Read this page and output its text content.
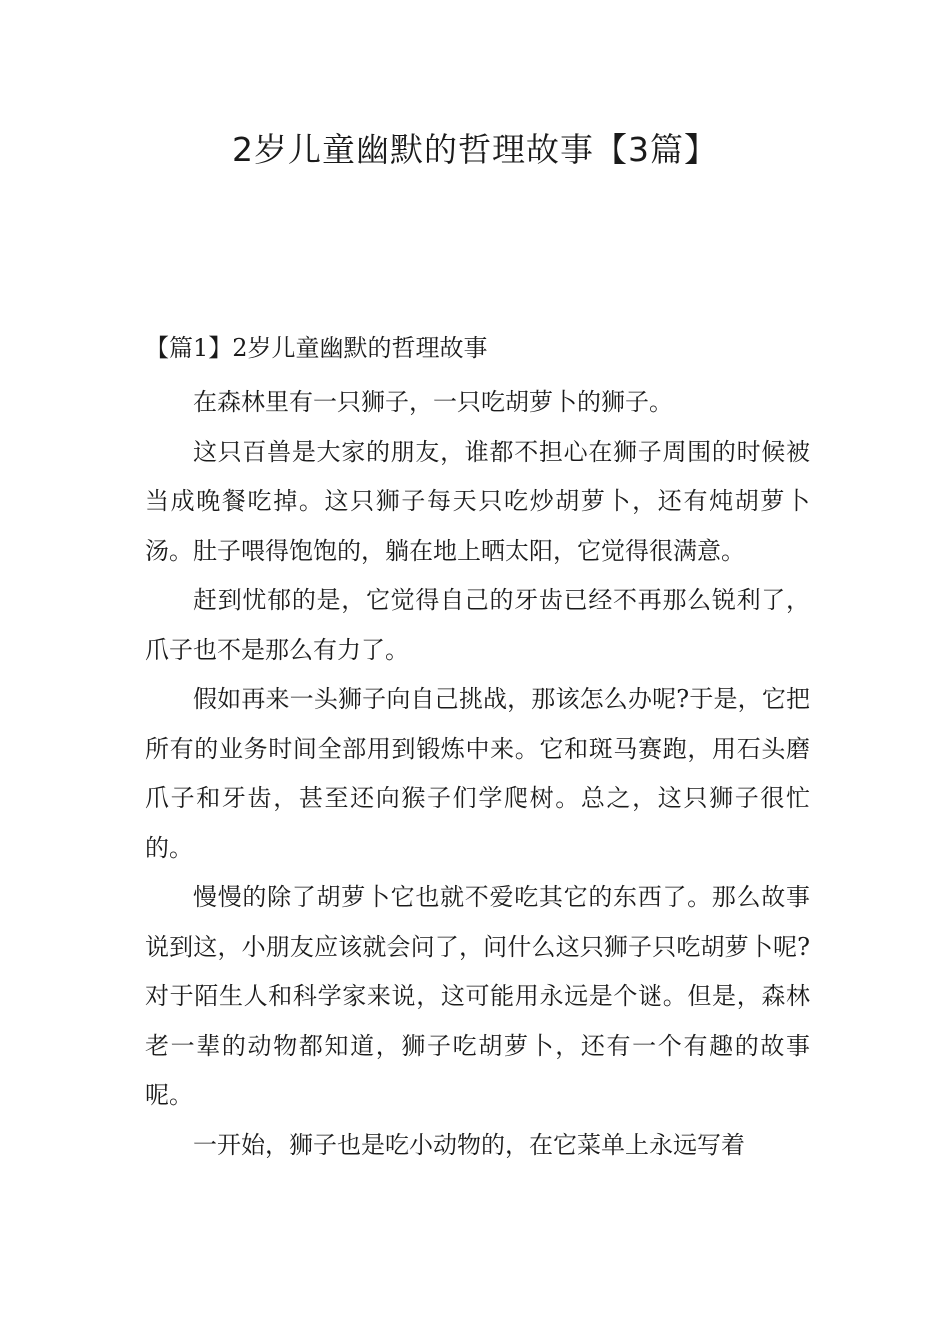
2岁儿童幽默的哲理故事【3篇】
【篇1】2岁儿童幽默的哲理故事

在森林里有一只狮子，一只吃胡萝卜的狮子。

这只百兽是大家的朋友，谁都不担心在狮子周围的时候被当成晚餐吃掉。这只狮子每天只吃炒胡萝卜，还有炖胡萝卜汤。肚子喂得饱饱的，躺在地上晒太阳，它觉得很满意。

赶到忧郁的是，它觉得自己的牙齿已经不再那么锐利了，爪子也不是那么有力了。

假如再来一头狮子向自己挑战，那该怎么办呢?于是，它把所有的业务时间全部用到锻炼中来。它和斑马赛跑，用石头磨爪子和牙齿，甚至还向猴子们学爬树。总之，这只狮子很忙的。

慢慢的除了胡萝卜它也就不爱吃其它的东西了。那么故事说到这，小朋友应该就会问了，问什么这只狮子只吃胡萝卜呢?对于陌生人和科学家来说，这可能用永远是个谜。但是，森林老一辈的动物都知道，狮子吃胡萝卜，还有一个有趣的故事呢。

一开始，狮子也是吃小动物的，在它菜单上永远写着
